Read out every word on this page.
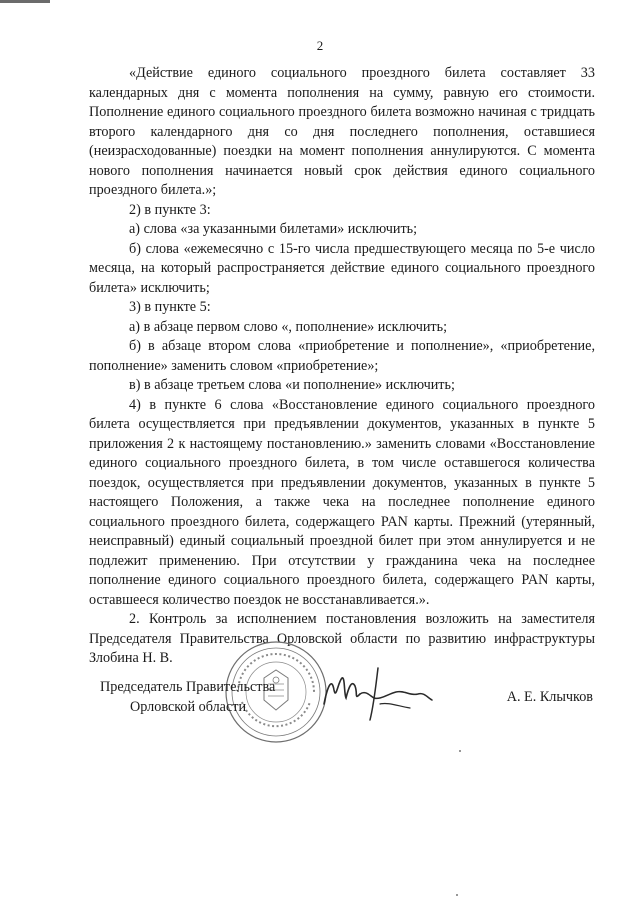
2

«Действие единого социального проездного билета составляет 33 календарных дня с момента пополнения на сумму, равную его стоимости. Пополнение единого социального проездного билета возможно начиная с тридцать второго календарного дня со дня последнего пополнения, оставшиеся (неизрасходованные) поездки на момент пополнения аннулируются. С момента нового пополнения начинается новый срок действия единого социального проездного билета.»;

2) в пункте 3:

а) слова «за указанными билетами» исключить;

б) слова «ежемесячно с 15-го числа предшествующего месяца по 5-е число месяца, на который распространяется действие единого социального проездного билета» исключить;

3) в пункте 5:

а) в абзаце первом слово «, пополнение» исключить;

б) в абзаце втором слова «приобретение и пополнение», «приобретение, пополнение» заменить словом «приобретение»;

в) в абзаце третьем слова «и пополнение» исключить;

4) в пункте 6 слова «Восстановление единого социального проездного билета осуществляется при предъявлении документов, указанных в пункте 5 приложения 2 к настоящему постановлению.» заменить словами «Восстановление единого социального проездного билета, в том числе оставшегося количества поездок, осуществляется при предъявлении документов, указанных в пункте 5 настоящего Положения, а также чека на последнее пополнение единого социального проездного билета, содержащего PAN карты. Прежний (утерянный, неисправный) единый социальный проездной билет при этом аннулируется и не подлежит применению. При отсутствии у гражданина чека на последнее пополнение единого социального проездного билета, содержащего PAN карты, оставшееся количество поездок не восстанавливается.».

2. Контроль за исполнением постановления возложить на заместителя Председателя Правительства Орловской области по развитию инфраструктуры Злобина Н. В.

Председатель Правительства
Орловской области
А. Е. Клычков
